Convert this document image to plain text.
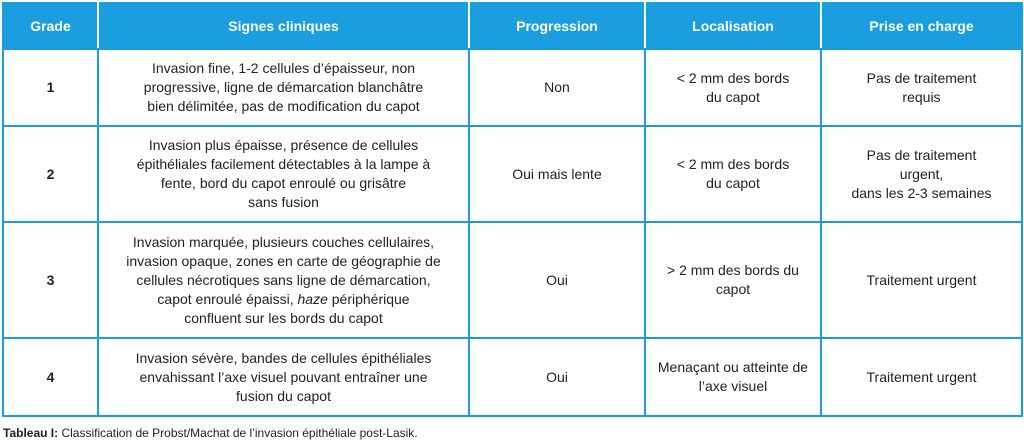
Grade	Signes cliniques	Progression	Localisation	Prise en charge
1	Invasion fine, 1-2 cellules d’épaisseur, non
progressive, ligne de démarcation blanchâtre
bien délimitée, pas de modification du capot	Non	< 2 mm des bords
du capot	Pas de traitement
requis

2	Invasion plus épaisse, présence de cellules
épithéliales facilement détectables à la lampe à
fente, bord du capot enroulé ou grisâtre
sans fusion	Oui mais lente	< 2 mm des bords
du capot	Pas de traitement
urgent,
dans les 2-3 semaines

3	Invasion marquée, plusieurs couches cellulaires,
invasion opaque, zones en carte de géographie de
cellules nécrotiques sans ligne de démarcation,
capot enroulé épaissi, haze périphérique
confluent sur les bords du capot	Oui	> 2 mm des bords du
capot	Traitement urgent

4	Invasion sévère, bandes de cellules épithéliales
envahissant l’axe visuel pouvant entraîner une
fusion du capot	Oui	Menaçant ou atteinte de
l’axe visuel	Traitement urgent
Tableau I: Classification de Probst/Machat de l’invasion épithéliale post-Lasik.
